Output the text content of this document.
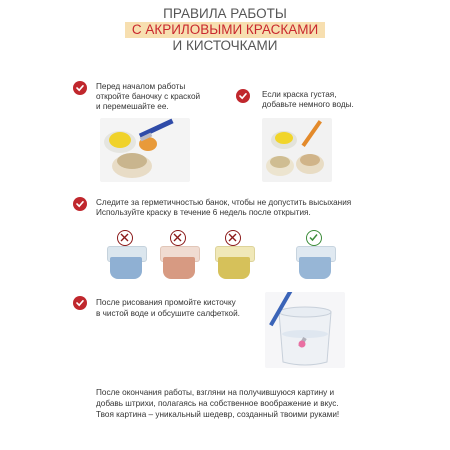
ПРАВИЛА РАБОТЫ
С АКРИЛОВЫМИ КРАСКАМИ
И КИСТОЧКАМИ
Перед началом работы
откройте баночку с краской
и перемешайте ее.
Если краска густая,
добавьте немного воды.
Следите за герметичностью банок, чтобы не допустить высыхания
Используйте краску в течение 6 недель после открытия.
После рисования промойте кисточку
в чистой воде и обсушите салфеткой.
После окончания работы, взгляни на получившуюся картину и
добавь штрихи, полагаясь на собственное воображение и вкус.
Твоя картина – уникальный шедевр, созданный твоими руками!
